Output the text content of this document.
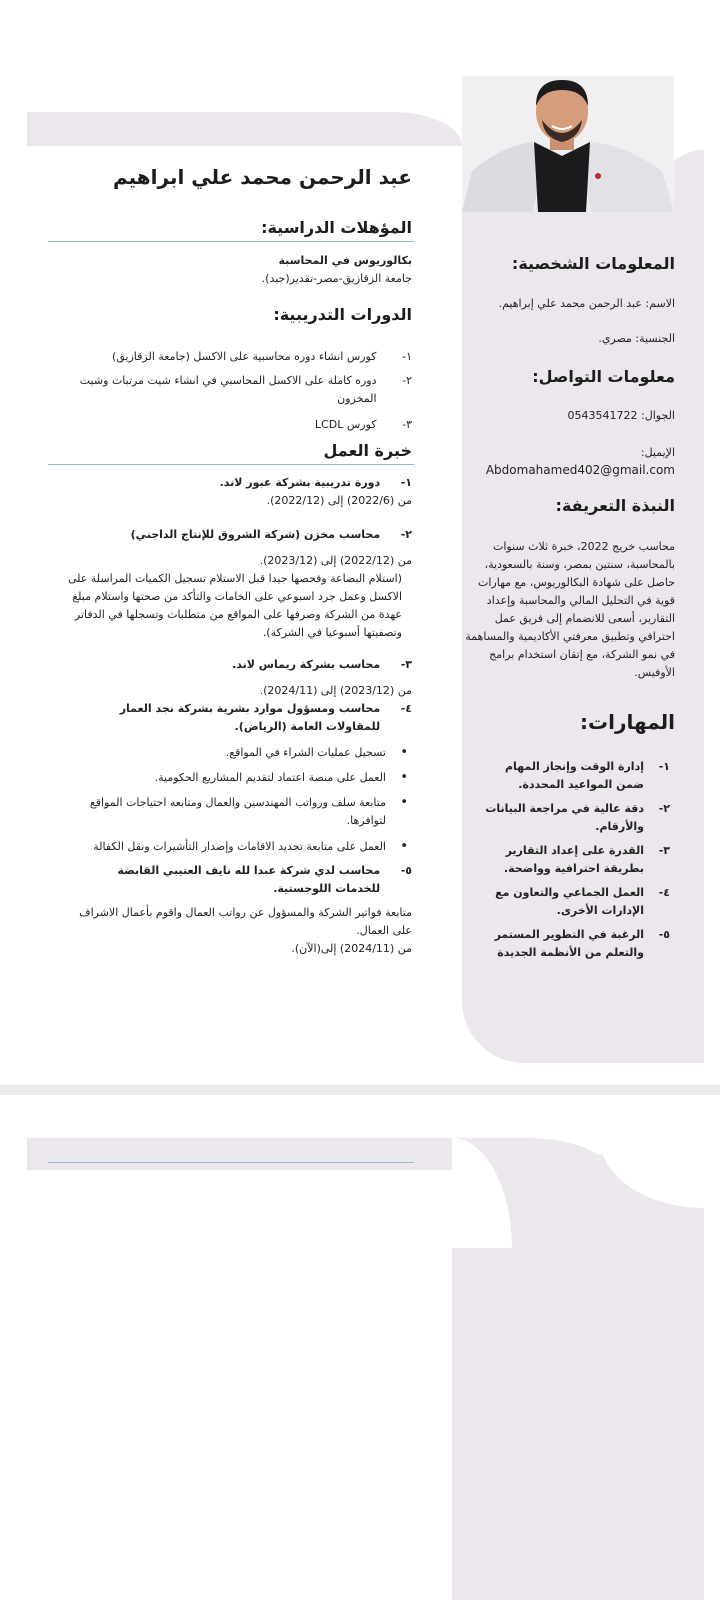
عبد الرحمن محمد علي ابراهيم
المؤهلات الدراسية:
بكالوريوس في المحاسبة
جامعة الزقازيق-مصر-تقدير(جيد).
الدورات التدريبية:
١- كورس انشاء دوره محاسبية على الاكسل (جامعة الزقازيق)
٢- دوره كاملة على الاكسل المحاسبي في انشاء شيت مرتبات وشيت المخزون
٣- كورس LCDL
خبرة العمل
١- دورة تدريبية بشركة عبور لاند.
من (2022/6) إلى (2022/12).
٢- محاسب مخزن (شركة الشروق للإنتاج الداجني)
من (2022/12) إلى (2023/12).
(استلام البضاعة وفحصها جيدا قبل الاستلام تسجيل الكميات المراسلة على الاكسل وعمل جرد اسبوعي على الخامات والتأكد من صحتها واستلام مبلغ عهدة من الشركة وصرفها على المواقع من متطلبات وتسجلها في الدفاتر وتصفيتها أسبوعيا في الشركة).
٣- محاسب بشركة ريماس لاند.
من (2023/12) إلى (2024/11).
٤- محاسب ومسؤول موارد بشرية بشركة نجد العمار للمقاولات العامة (الرياض).
•تسجيل عمليات الشراء في المواقع.
•العمل على منصة اعتماد لتقديم المشاريع الحكومية.
•متابعة سلف ورواتب المهندسين والعمال ومتابعه احتياجات المواقع لتوافرها.
•العمل على متابعة تجديد الاقامات وإصدار التأشيرات ونقل الكفالة
٥- محاسب لدي شركة عبدا لله نايف العتيبي القابضة للخدمات اللوجستية.
متابعة فواتير الشركة والمسؤول عن رواتب العمال واقوم بأعمال الاشراف على العمال.
من (2024/11) إلى(الآن).
المعلومات الشخصية:
الاسم: عبد الرحمن محمد علي إبراهيم.
الجنسية: مصري.
معلومات التواصل:
الجوال: 0543541722
الإيميل:
Abdomahamed402@gmail.com
النبذة التعريفة:
محاسب خريج 2022، خبرة ثلاث سنوات بالمحاسبة، سنتين بمصر، وسنة بالسعودية، حاصل على شهادة البكالوريوس، مع مهارات قوية في التحليل المالي والمحاسبة وإعداد التقارير، أسعى للانضمام إلى فريق عمل احترافي وتطبيق معرفتي الأكاديمية والمساهمة في نمو الشركة، مع إتقان استخدام برامج الأوفيس.
المهارات:
١-
إدارة الوقت وإنجاز المهام ضمن المواعيد المحددة.
٢-
دقة عالية في مراجعة البيانات والأرقام.
٣-
القدرة على إعداد التقارير بطريقة احترافية وواضحة.
٤-
العمل الجماعي والتعاون مع الإدارات الأخرى.
٥-
الرغبة في التطوير المستمر والتعلم من الأنظمة الجديدة
